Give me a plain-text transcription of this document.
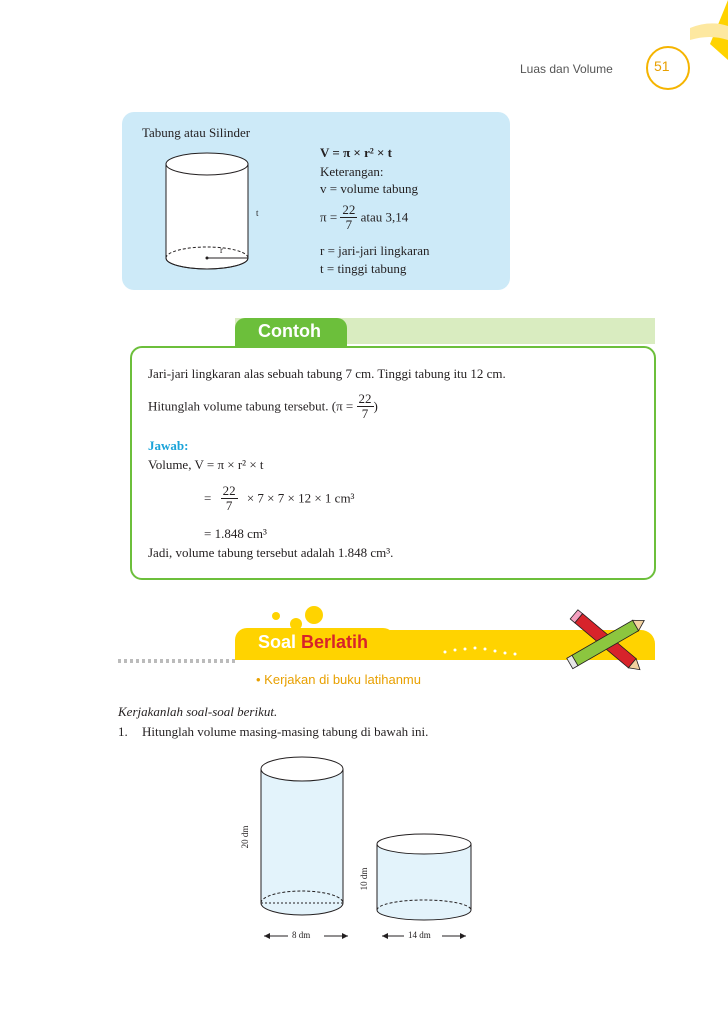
Luas dan Volume	51
Tabung atau Silinder
t
r
V = π × r² × t
Keterangan:
v = volume tabung
$\pi = \frac{22}{7}$ atau 3,14
r = jari-jari lingkaran
t = tinggi tabung
Contoh
Jari-jari lingkaran alas sebuah tabung 7 cm. Tinggi tabung itu 12 cm.
Hitunglah volume tabung tersebut. ($\pi = \frac{22}{7}$ )
Jawab:
Volume, V = π × r² × t
= $\frac{22}{7} \times 7 \times 7 \times 12 \times 1$ cm³
= 1.848 cm³
Jadi, volume tabung tersebut adalah 1.848 cm³.
Soal Berlatih
• Kerjakan di buku latihanmu
Kerjakanlah soal-soal berikut.
1. Hitunglah volume masing-masing tabung di bawah ini.
20 dm
8 dm
10 dm
14 dm
